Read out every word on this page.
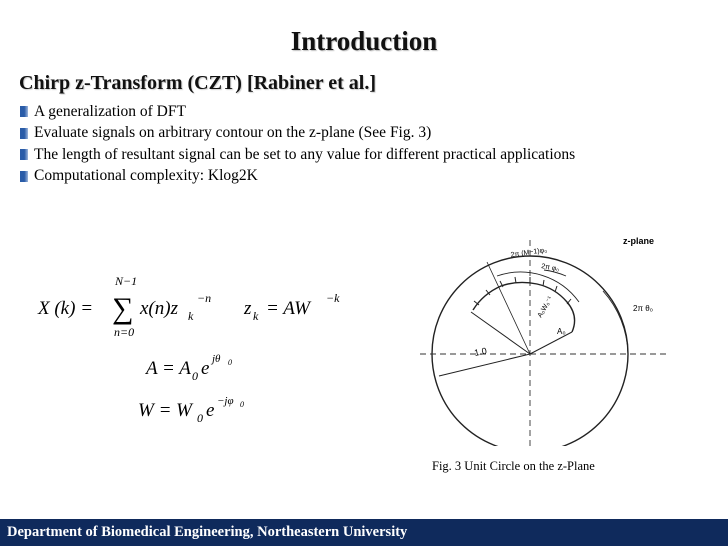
Introduction
Chirp z-Transform (CZT) [Rabiner et al.]
A generalization of DFT
Evaluate signals on arbitrary contour on the z-plane (See Fig. 3)
The length of resultant signal can be set to any value for different practical applications
Computational complexity: Klog2K
X (k) =
N−1
∑
n=0
x(n)z k
−n z k = AW −k
A = A 0 e jθ 0
W = W 0 e −jφ 0
z-plane
1.0
A₀
A₀W₀⁻¹	2π θ₀
2π φ₀
2π (M−1)φ₀
Fig. 3 Unit Circle on the z-Plane
Department of Biomedical Engineering, Northeastern University
